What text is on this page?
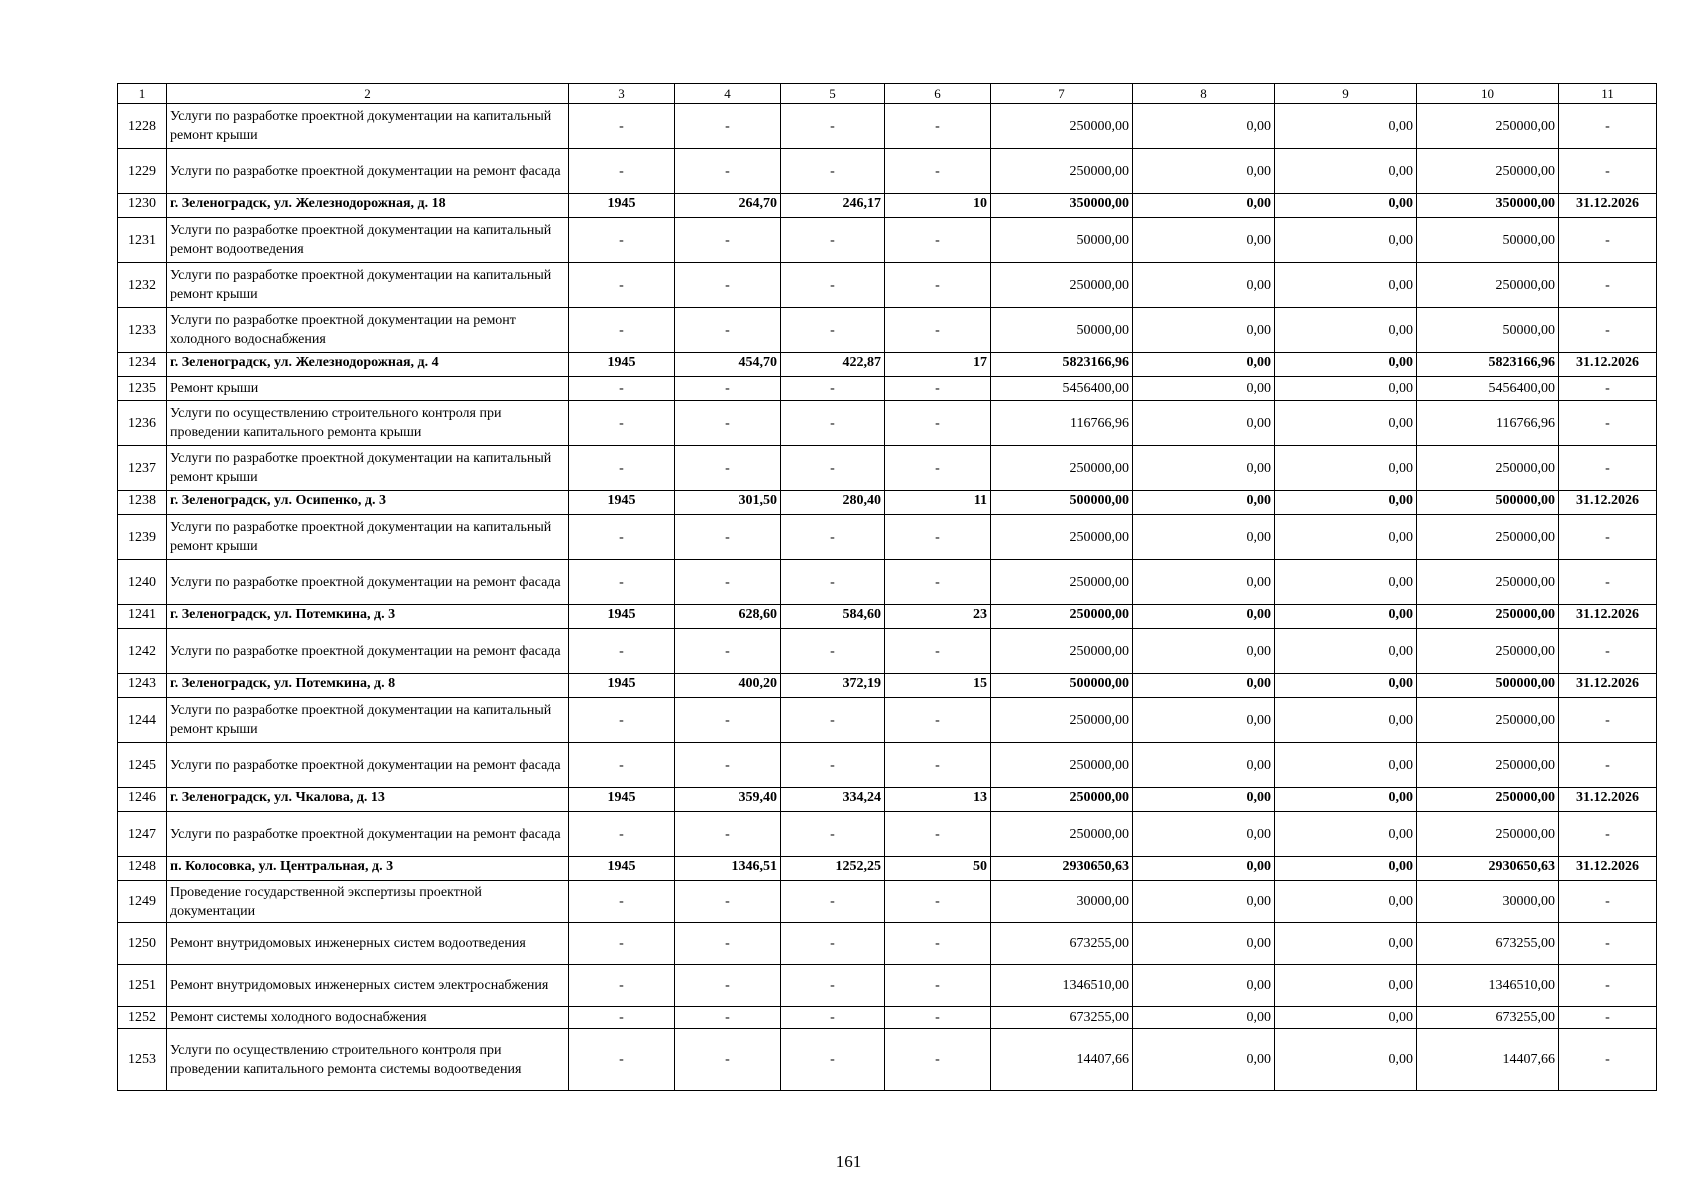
1	2	3	4	5	6	7	8	9	10	11
1228	Услуги по разработке проектной документации на капитальный ремонт крыши	-	-	-	-	250000,00	0,00	0,00	250000,00	-
1229	Услуги по разработке проектной документации на ремонт фасада	-	-	-	-	250000,00	0,00	0,00	250000,00	-
1230	г. Зеленоградск, ул. Железнодорожная, д. 18	1945	264,70	246,17	10	350000,00	0,00	0,00	350000,00	31.12.2026
1231	Услуги по разработке проектной документации на капитальный ремонт водоотведения	-	-	-	-	50000,00	0,00	0,00	50000,00	-
1232	Услуги по разработке проектной документации на капитальный ремонт крыши	-	-	-	-	250000,00	0,00	0,00	250000,00	-
1233	Услуги по разработке проектной документации на ремонт холодного водоснабжения	-	-	-	-	50000,00	0,00	0,00	50000,00	-
1234	г. Зеленоградск, ул. Железнодорожная, д. 4	1945	454,70	422,87	17	5823166,96	0,00	0,00	5823166,96	31.12.2026
1235	Ремонт крыши	-	-	-	-	5456400,00	0,00	0,00	5456400,00	-
1236	Услуги по осуществлению строительного контроля при проведении капитального ремонта крыши	-	-	-	-	116766,96	0,00	0,00	116766,96	-
1237	Услуги по разработке проектной документации на капитальный ремонт крыши	-	-	-	-	250000,00	0,00	0,00	250000,00	-
1238	г. Зеленоградск, ул. Осипенко, д. 3	1945	301,50	280,40	11	500000,00	0,00	0,00	500000,00	31.12.2026
1239	Услуги по разработке проектной документации на капитальный ремонт крыши	-	-	-	-	250000,00	0,00	0,00	250000,00	-
1240	Услуги по разработке проектной документации на ремонт фасада	-	-	-	-	250000,00	0,00	0,00	250000,00	-
1241	г. Зеленоградск, ул. Потемкина, д. 3	1945	628,60	584,60	23	250000,00	0,00	0,00	250000,00	31.12.2026
1242	Услуги по разработке проектной документации на ремонт фасада	-	-	-	-	250000,00	0,00	0,00	250000,00	-
1243	г. Зеленоградск, ул. Потемкина, д. 8	1945	400,20	372,19	15	500000,00	0,00	0,00	500000,00	31.12.2026
1244	Услуги по разработке проектной документации на капитальный ремонт крыши	-	-	-	-	250000,00	0,00	0,00	250000,00	-
1245	Услуги по разработке проектной документации на ремонт фасада	-	-	-	-	250000,00	0,00	0,00	250000,00	-
1246	г. Зеленоградск, ул. Чкалова, д. 13	1945	359,40	334,24	13	250000,00	0,00	0,00	250000,00	31.12.2026
1247	Услуги по разработке проектной документации на ремонт фасада	-	-	-	-	250000,00	0,00	0,00	250000,00	-
1248	п. Колосовка, ул. Центральная, д. 3	1945	1346,51	1252,25	50	2930650,63	0,00	0,00	2930650,63	31.12.2026
1249	Проведение государственной экспертизы проектной документации	-	-	-	-	30000,00	0,00	0,00	30000,00	-
1250	Ремонт внутридомовых инженерных систем водоотведения	-	-	-	-	673255,00	0,00	0,00	673255,00	-
1251	Ремонт внутридомовых инженерных систем электроснабжения	-	-	-	-	1346510,00	0,00	0,00	1346510,00	-
1252	Ремонт системы холодного водоснабжения	-	-	-	-	673255,00	0,00	0,00	673255,00	-
1253	Услуги по осуществлению строительного контроля при проведении капитального ремонта системы водоотведения	-	-	-	-	14407,66	0,00	0,00	14407,66	-
161
